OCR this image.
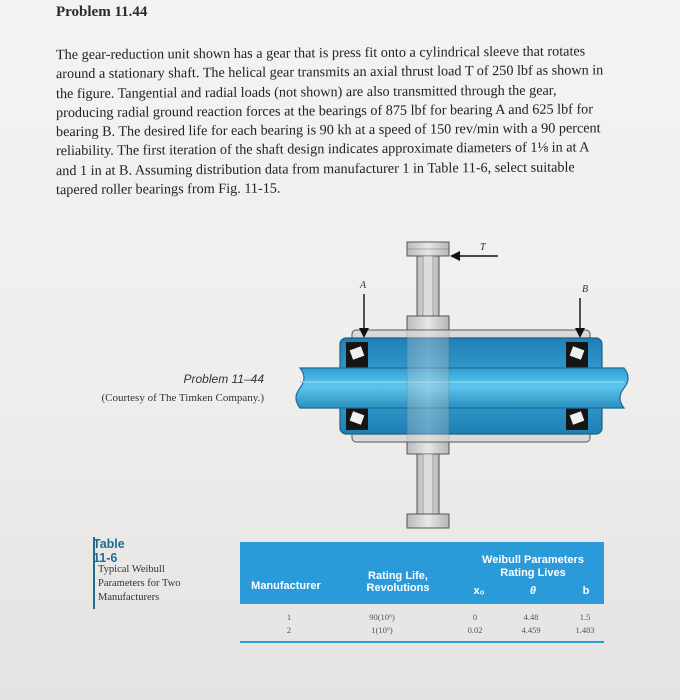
Problem 11.44
The gear-reduction unit shown has a gear that is press fit onto a cylindrical sleeve that rotates
around a stationary shaft. The helical gear transmits an axial thrust load T of 250 lbf as shown in
the figure. Tangential and radial loads (not shown) are also transmitted through the gear,
producing radial ground reaction forces at the bearings of 875 lbf for bearing A and 625 lbf for
bearing B. The desired life for each bearing is 90 kh at a speed of 150 rev/min with a 90 percent
reliability. The first iteration of the shaft design indicates approximate diameters of 1⅛ in at A
and 1 in at B. Assuming distribution data from manufacturer 1 in Table 11-6, select suitable
tapered roller bearings from Fig. 11-15.
Problem 11–44
(Courtesy of The Timken Company.)
T
A	B
Table 11-6
Typical Weibull
Parameters for Two
Manufacturers
Manufacturer
Rating Life,
Revolutions
Weibull Parameters
Rating Lives
x₀	θ	b
1	90(10⁶)	0	4.48	1.5
2	1(10⁶)	0.02	4.459	1.483
